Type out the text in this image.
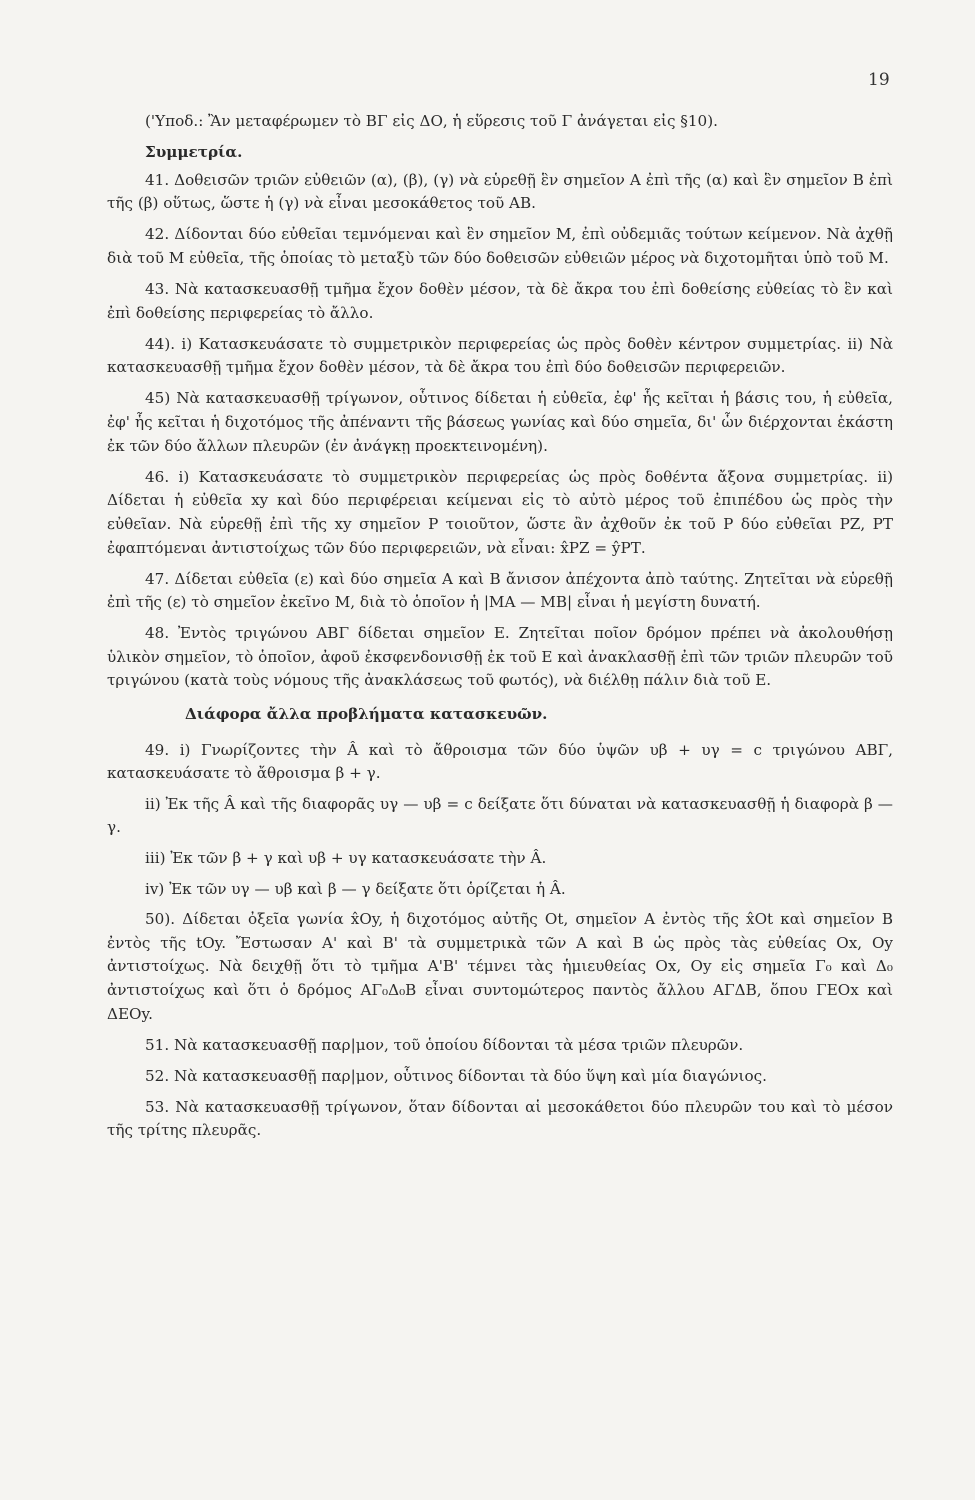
19

('Υποδ.: Ἂν μεταφέρωμεν τὸ ΒΓ εἰς ΔΟ, ἡ εὕρεσις τοῦ Γ ἀνάγεται εἰς §10).

Συμμετρία.

41. Δοθεισῶν τριῶν εὐθειῶν (α), (β), (γ) νὰ εὑρεθῇ ἓν σημεῖον Α ἐπὶ τῆς (α) καὶ ἓν σημεῖον Β ἐπὶ τῆς (β) οὕτως, ὥστε ἡ (γ) νὰ εἶναι μεσοκάθετος τοῦ ΑΒ.

42. Δίδονται δύο εὐθεῖαι τεμνόμεναι καὶ ἓν σημεῖον Μ, ἐπὶ οὐδεμιᾶς τούτων κείμενον. Νὰ ἀχθῇ διὰ τοῦ Μ εὐθεῖα, τῆς ὁποίας τὸ μεταξὺ τῶν δύο δοθεισῶν εὐθειῶν μέρος νὰ διχοτομῆται ὑπὸ τοῦ Μ.

43. Νὰ κατασκευασθῇ τμῆμα ἔχον δοθὲν μέσον, τὰ δὲ ἄκρα του ἐπὶ δοθείσης εὐθείας τὸ ἓν καὶ ἐπὶ δοθείσης περιφερείας τὸ ἄλλο.

44). i) Κατασκευάσατε τὸ συμμετρικὸν περιφερείας ὡς πρὸς δοθὲν κέντρον συμμετρίας. ii) Νὰ κατασκευασθῇ τμῆμα ἔχον δοθὲν μέσον, τὰ δὲ ἄκρα του ἐπὶ δύο δοθεισῶν περιφερειῶν.

45) Νὰ κατασκευασθῇ τρίγωνον, οὗτινος δίδεται ἡ εὐθεῖα, ἐφ' ἧς κεῖται ἡ βάσις του, ἡ εὐθεῖα, ἐφ' ἧς κεῖται ἡ διχοτόμος τῆς ἀπέναντι τῆς βάσεως γωνίας καὶ δύο σημεῖα, δι' ὧν διέρχονται ἑκάστη ἐκ τῶν δύο ἄλλων πλευρῶν (ἐν ἀνάγκῃ προεκτεινομένη).

46. i) Κατασκευάσατε τὸ συμμετρικὸν περιφερείας ὡς πρὸς δοθέντα ἄξονα συμμετρίας. ii) Δίδεται ἡ εὐθεῖα xy καὶ δύο περιφέρειαι κείμεναι εἰς τὸ αὐτὸ μέρος τοῦ ἐπιπέδου ὡς πρὸς τὴν εὐθεῖαν. Νὰ εὑρεθῇ ἐπὶ τῆς xy σημεῖον Ρ τοιοῦτον, ὥστε ἂν ἀχθοῦν ἐκ τοῦ Ρ δύο εὐθεῖαι ΡΖ, ΡΤ ἐφαπτόμεναι ἀντιστοίχως τῶν δύο περιφερειῶν, νὰ εἶναι: x̂ΡΖ = ŷΡΤ.

47. Δίδεται εὐθεῖα (ε) καὶ δύο σημεῖα Α καὶ Β ἄνισον ἀπέχοντα ἀπὸ ταύτης. Ζητεῖται νὰ εὑρεθῇ ἐπὶ τῆς (ε) τὸ σημεῖον ἐκεῖνο Μ, διὰ τὸ ὁποῖον ἡ |ΜΑ — ΜΒ| εἶναι ἡ μεγίστη δυνατή.

48. Ἐντὸς τριγώνου ΑΒΓ δίδεται σημεῖον Ε. Ζητεῖται ποῖον δρόμον πρέπει νὰ ἀκολουθήσῃ ὑλικὸν σημεῖον, τὸ ὁποῖον, ἀφοῦ ἐκσφενδονισθῇ ἐκ τοῦ Ε καὶ ἀνακλασθῇ ἐπὶ τῶν τριῶν πλευρῶν τοῦ τριγώνου (κατὰ τοὺς νόμους τῆς ἀνακλάσεως τοῦ φωτός), νὰ διέλθῃ πάλιν διὰ τοῦ Ε.

Διάφορα ἄλλα προβλήματα κατασκευῶν.

49. i) Γνωρίζοντες τὴν Â καὶ τὸ ἄθροισμα τῶν δύο ὑψῶν υβ + υγ = c τριγώνου ΑΒΓ, κατασκευάσατε τὸ ἄθροισμα β + γ.

ii) Ἐκ τῆς Â καὶ τῆς διαφορᾶς υγ — υβ = c δείξατε ὅτι δύναται νὰ κατασκευασθῇ ἡ διαφορὰ β — γ.

iii) Ἐκ τῶν β + γ καὶ υβ + υγ κατασκευάσατε τὴν Â.

iv) Ἐκ τῶν υγ — υβ καὶ β — γ δείξατε ὅτι ὁρίζεται ἡ Â.

50). Δίδεται ὀξεῖα γωνία x̂Oy, ἡ διχοτόμος αὐτῆς Ot, σημεῖον Α ἐντὸς τῆς x̂Ot καὶ σημεῖον Β ἐντὸς τῆς tOy. Ἔστωσαν Α' καὶ Β' τὰ συμμετρικὰ τῶν Α καὶ Β ὡς πρὸς τὰς εὐθείας Ox, Oy ἀντιστοίχως. Νὰ δειχθῇ ὅτι τὸ τμῆμα Α'Β' τέμνει τὰς ἡμιευθείας Ox, Oy εἰς σημεῖα Γ₀ καὶ Δ₀ ἀντιστοίχως καὶ ὅτι ὁ δρόμος ΑΓ₀Δ₀Β εἶναι συντομώτερος παντὸς ἄλλου ΑΓΔΒ, ὅπου ΓΕOx καὶ ΔΕOy.

51. Νὰ κατασκευασθῇ παρ|μον, τοῦ ὁποίου δίδονται τὰ μέσα τριῶν πλευρῶν.

52. Νὰ κατασκευασθῇ παρ|μον, οὗτινος δίδονται τὰ δύο ὕψη καὶ μία διαγώνιος.

53. Νὰ κατασκευασθῇ τρίγωνον, ὅταν δίδονται αἱ μεσοκάθετοι δύο πλευρῶν του καὶ τὸ μέσον τῆς τρίτης πλευρᾶς.
